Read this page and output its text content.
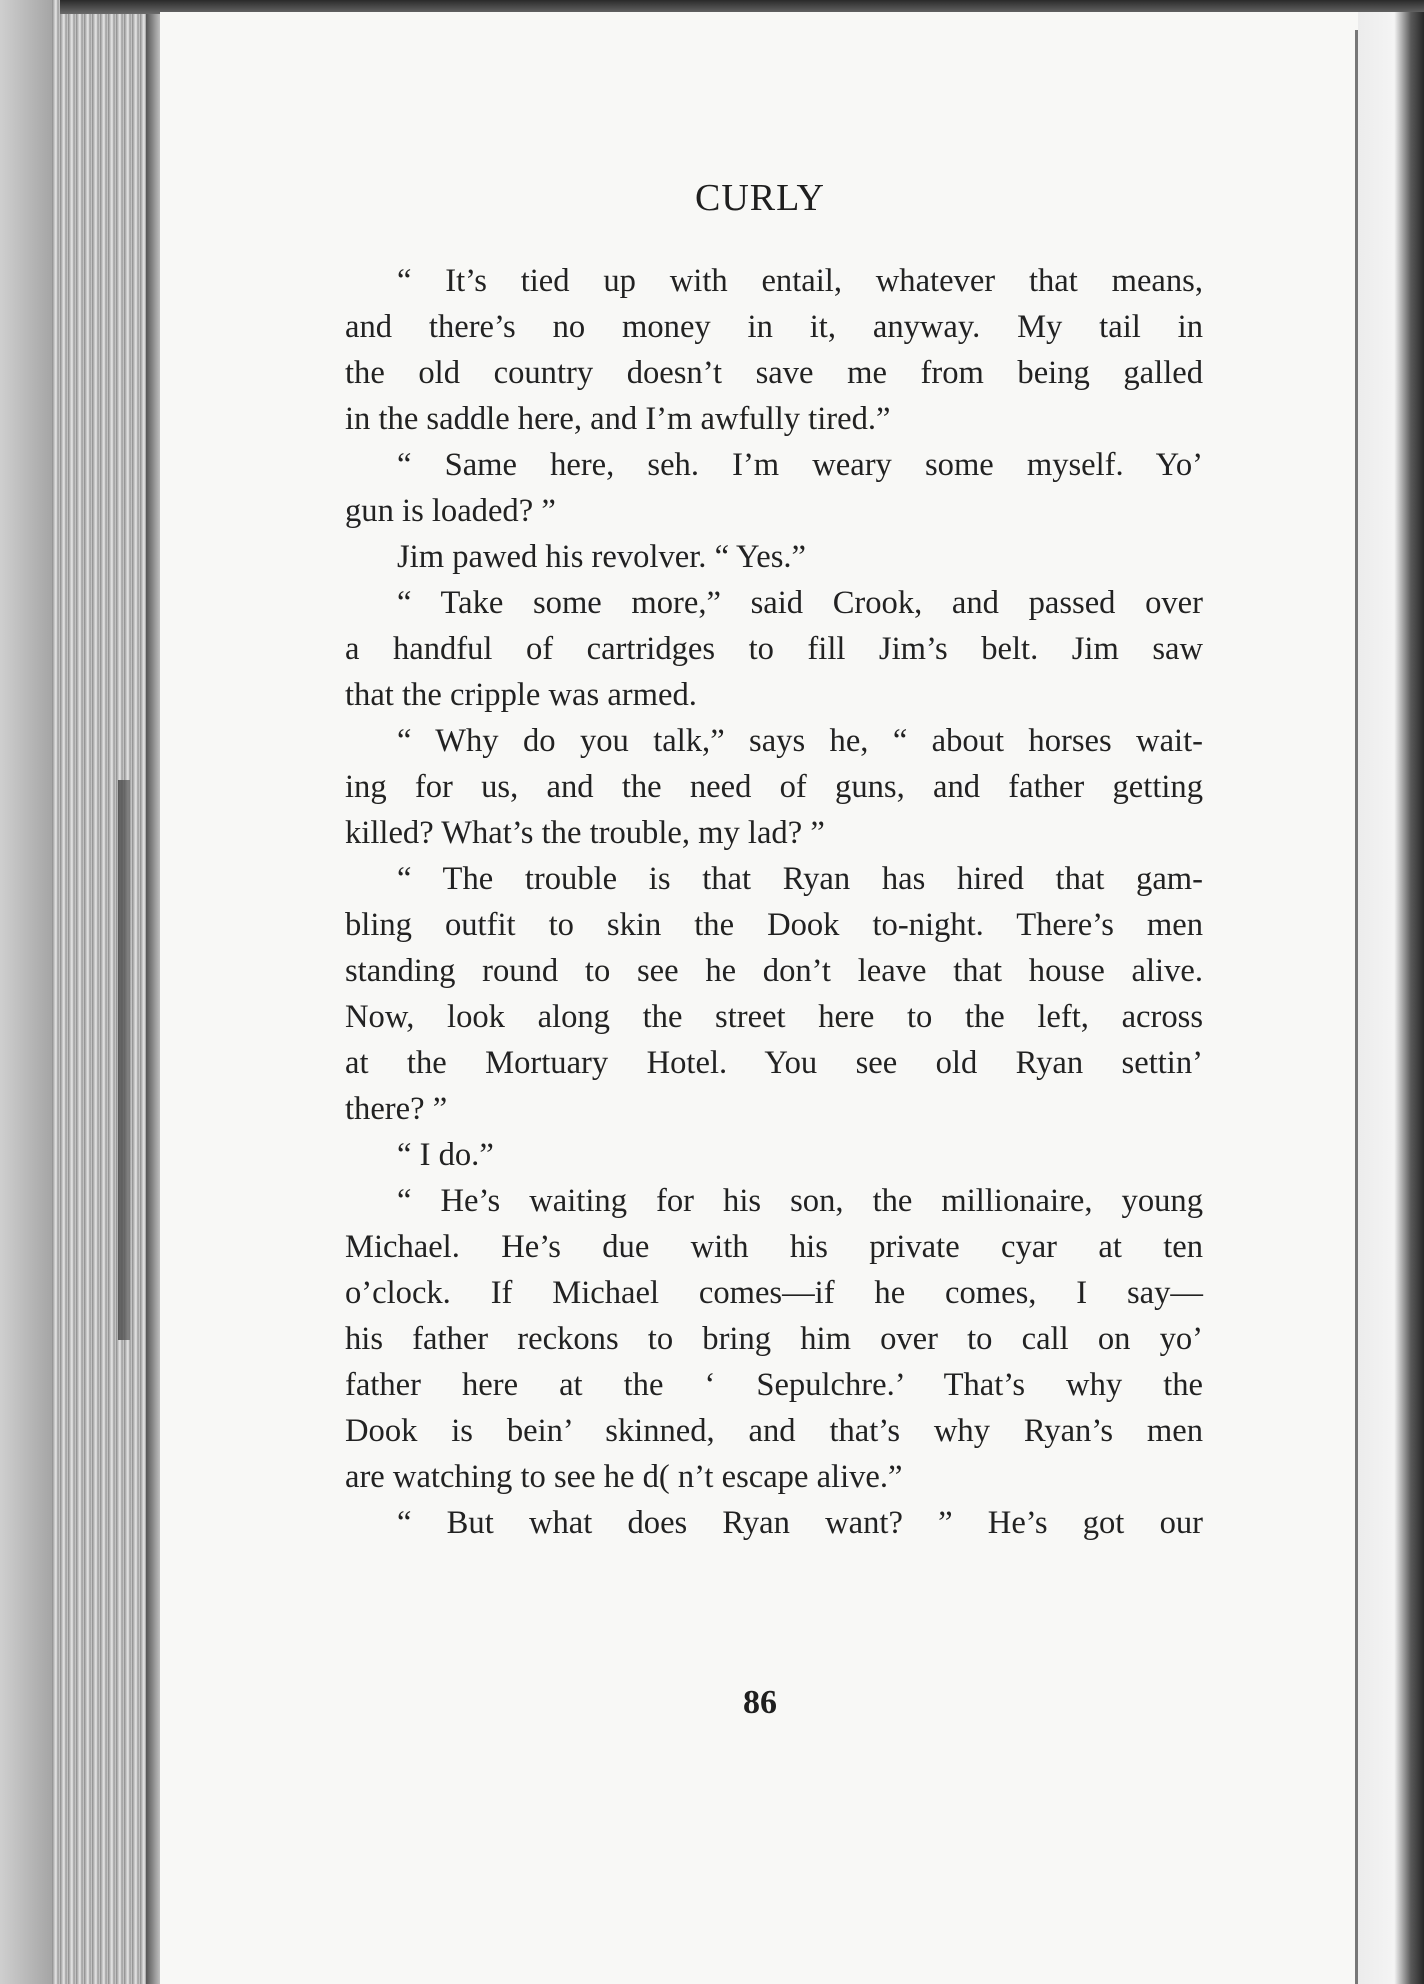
CURLY
“ It’s tied up with entail, whatever that means,
and there’s no money in it, anyway. My tail in
the old country doesn’t save me from being galled
in the saddle here, and I’m awfully tired.”
“ Same here, seh. I’m weary some myself. Yo’
gun is loaded? ”
Jim pawed his revolver. “ Yes.”
“ Take some more,” said Crook, and passed over
a handful of cartridges to fill Jim’s belt. Jim saw
that the cripple was armed.
“ Why do you talk,” says he, “ about horses wait-
ing for us, and the need of guns, and father getting
killed? What’s the trouble, my lad? ”
“ The trouble is that Ryan has hired that gam-
bling outfit to skin the Dook to-night. There’s men
standing round to see he don’t leave that house alive.
Now, look along the street here to the left, across
at the Mortuary Hotel. You see old Ryan settin’
there? ”
“ I do.”
“ He’s waiting for his son, the millionaire, young
Michael. He’s due with his private cyar at ten
o’clock. If Michael comes—if he comes, I say—
his father reckons to bring him over to call on yo’
father here at the ‘ Sepulchre.’ That’s why the
Dook is bein’ skinned, and that’s why Ryan’s men
are watching to see he d( n’t escape alive.”
“ But what does Ryan want? ” He’s got our
86
